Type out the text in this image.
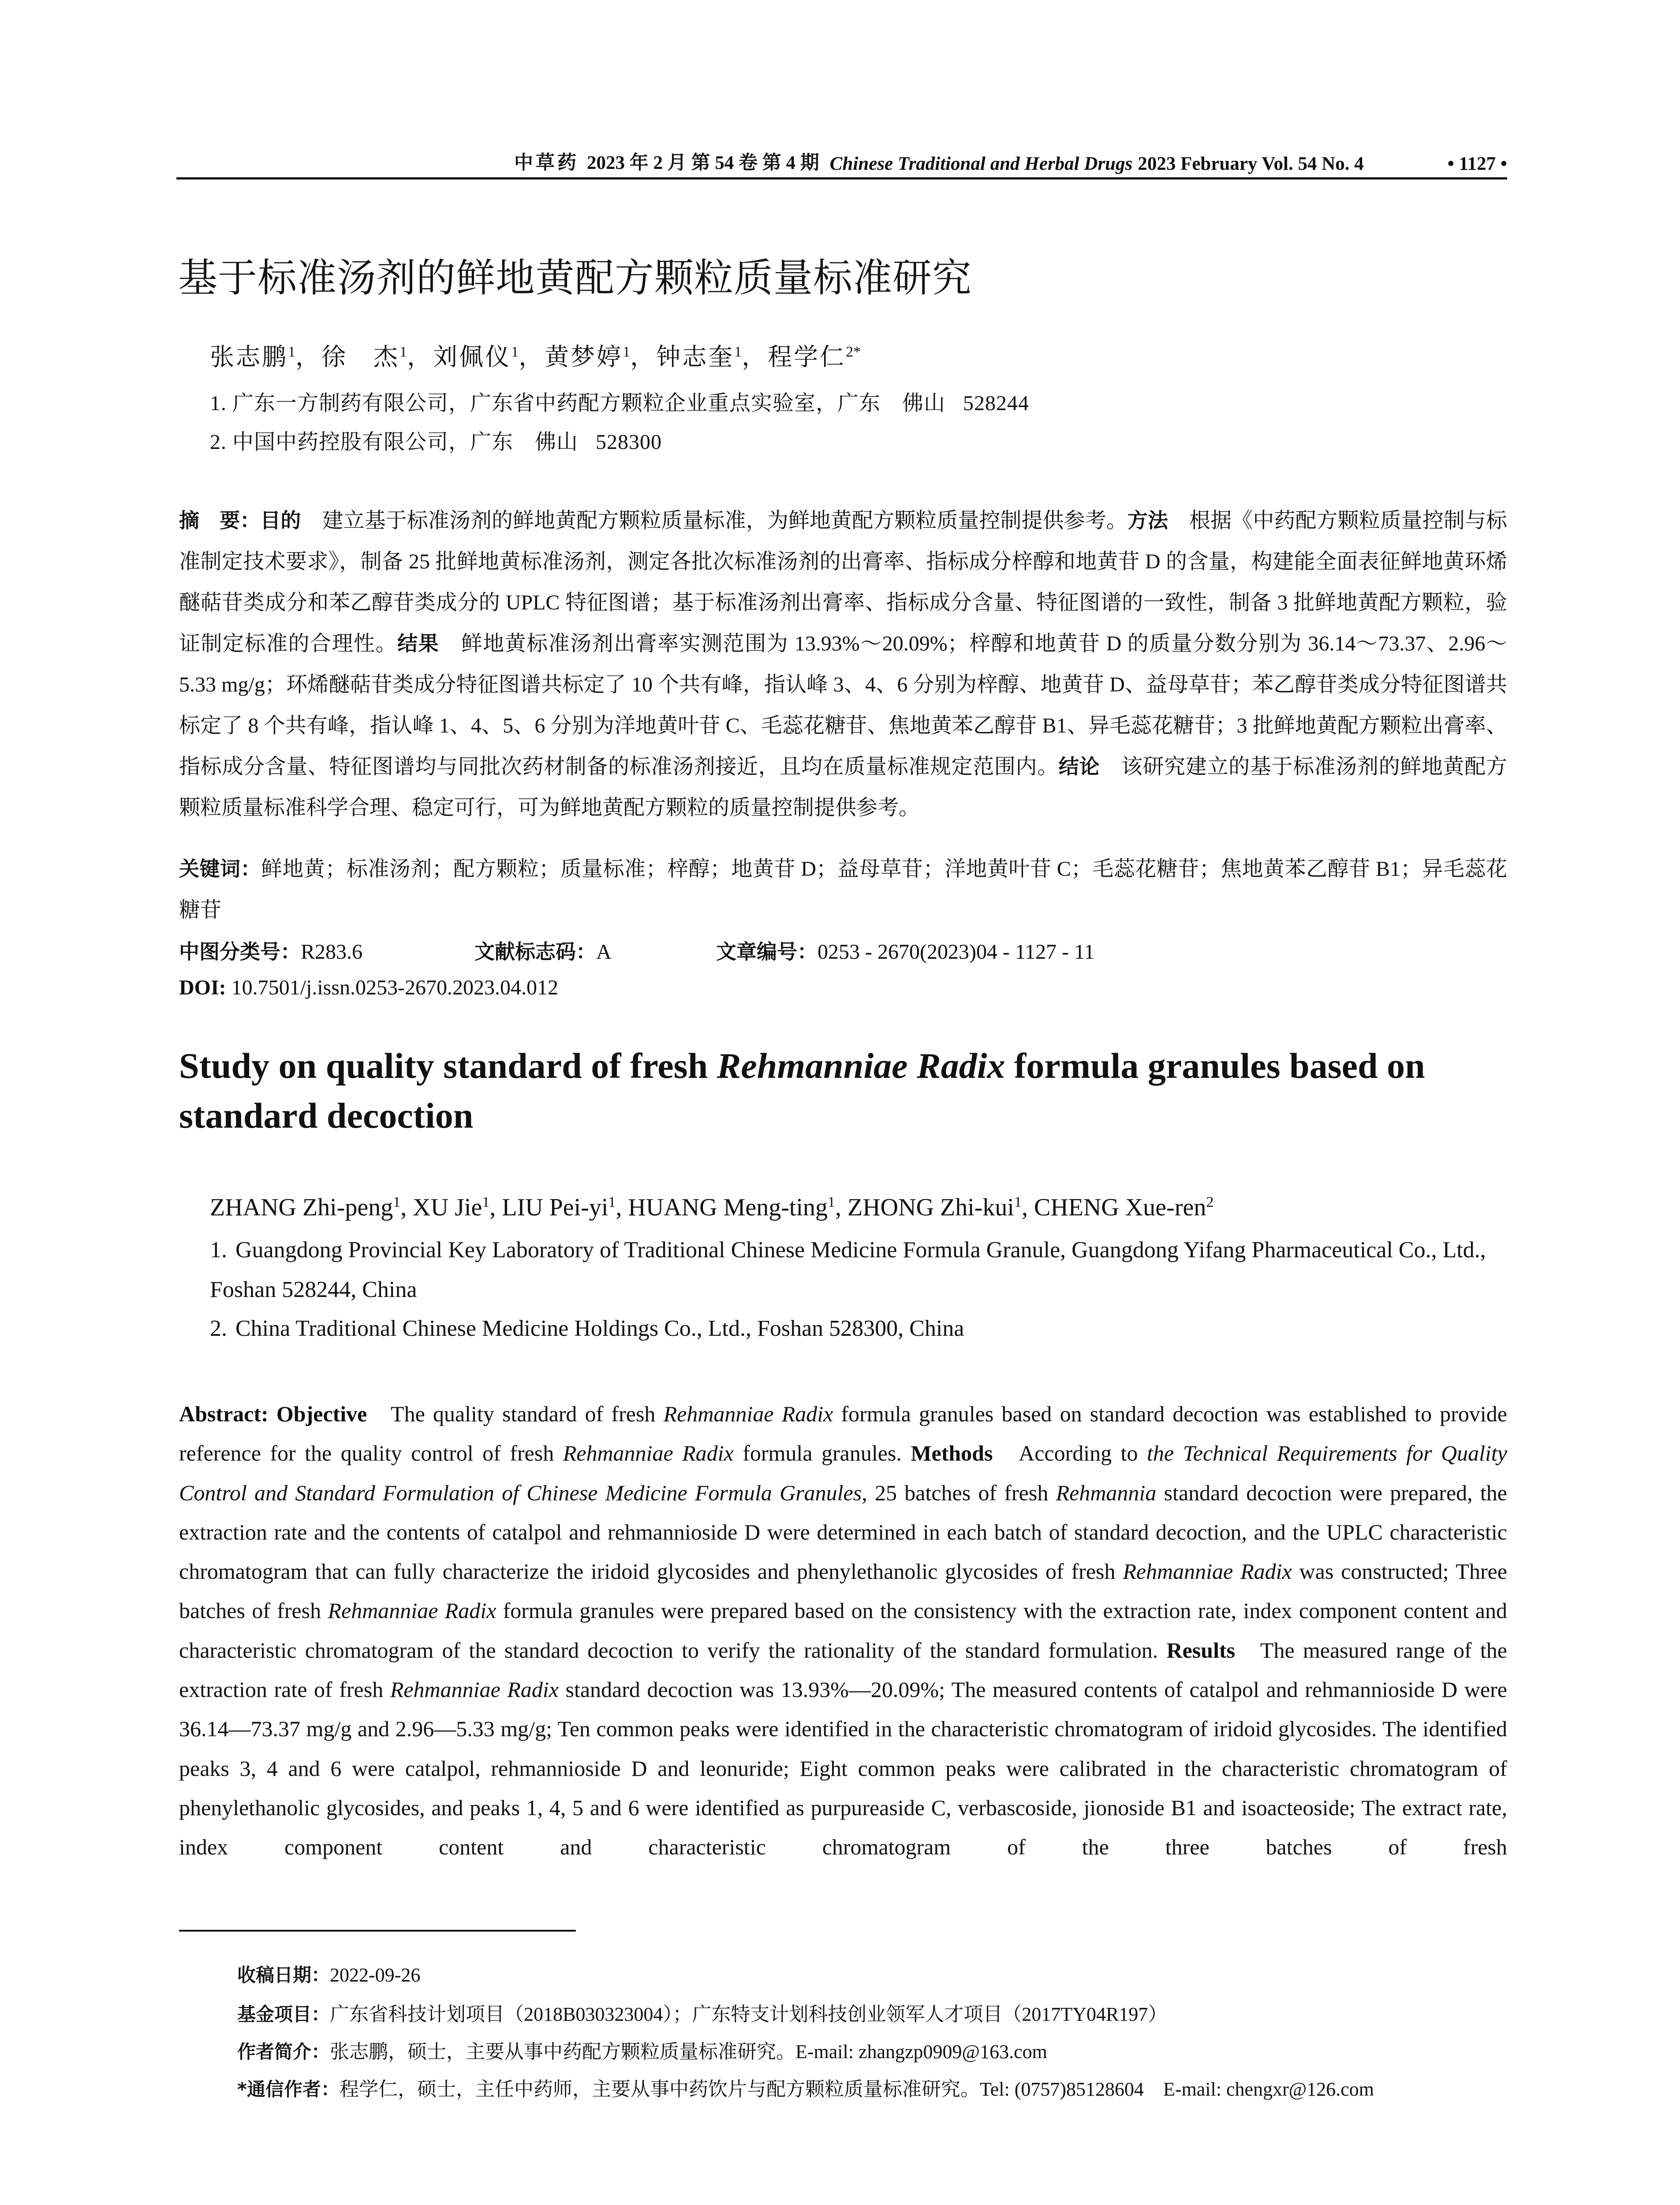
中草药 2023 年 2 月 第 54 卷 第 4 期 Chinese Traditional and Herbal Drugs 2023 February Vol. 54 No. 4	• 1127 •
基于标准汤剂的鲜地黄配方颗粒质量标准研究
张志鹏$^1$，徐　杰$^1$，刘佩仪$^1$，黄梦婷$^1$，钟志奎$^1$，程学仁$^{2*}$
1. 广东一方制药有限公司，广东省中药配方颗粒企业重点实验室，广东　佛山 528244
2. 中国中药控股有限公司，广东　佛山 528300
摘　要：目的　 建立基于标准汤剂的鲜地黄配方颗粒质量标准，为鲜地黄配方颗粒质量控制提供参考。方法　 根据《中药配方颗粒质量控制与标准制定技术要求》，制备 25 批鲜地黄标准汤剂，测定各批次标准汤剂的出膏率、指标成分梓醇和地黄苷 D 的含量，构建能全面表征鲜地黄环烯醚萜苷类成分和苯乙醇苷类成分的 UPLC 特征图谱；基于标准汤剂出膏率、指标成分含量、特征图谱的一致性，制备 3 批鲜地黄配方颗粒，验证制定标准的合理性。结果　 鲜地黄标准汤剂出膏率实测范围为 13.93%～20.09%；梓醇和地黄苷 D 的质量分数分别为 36.14～73.37、2.96～5.33 mg/g；环烯醚萜苷类成分特征图谱共标定了 10 个共有峰，指认峰 3、4、6 分别为梓醇、地黄苷 D、益母草苷；苯乙醇苷类成分特征图谱共标定了 8 个共有峰，指认峰 1、4、5、6 分别为洋地黄叶苷 C、毛蕊花糖苷、焦地黄苯乙醇苷 B1、异毛蕊花糖苷；3 批鲜地黄配方颗粒出膏率、指标成分含量、特征图谱均与同批次药材制备的标准汤剂接近，且均在质量标准规定范围内。结论　 该研究建立的基于标准汤剂的鲜地黄配方颗粒质量标准科学合理、稳定可行，可为鲜地黄配方颗粒的质量控制提供参考。
关键词：鲜地黄；标准汤剂；配方颗粒；质量标准；梓醇；地黄苷 D；益母草苷；洋地黄叶苷 C；毛蕊花糖苷；焦地黄苯乙醇苷 B1；异毛蕊花糖苷
中图分类号：R283.6	文献标志码：A	文章编号：0253 - 2670(2023)04 - 1127 - 11
DOI: 10.7501/j.issn.0253-2670.2023.04.012
Study on quality standard of fresh Rehmanniae Radix formula granules based on standard decoction
ZHANG Zhi-peng$^1$, XU Jie$^1$, LIU Pei-$yi^1$, HUANG Meng-ting$^1$, ZHONG Zhi-kui$^1$, CHENG Xue-ren$^2$
1. Guangdong Provincial Key Laboratory of Traditional Chinese Medicine Formula Granule, Guangdong Yifang Pharmaceutical Co., Ltd., Foshan 528244, China
2. China Traditional Chinese Medicine Holdings Co., Ltd., Foshan 528300, China
Abstract: Objective The quality standard of fresh Rehmanniae Radix formula granules based on standard decoction was established to provide reference for the quality control of fresh Rehmanniae Radix formula granules. Methods According to the Technical Requirements for Quality Control and Standard Formulation of Chinese Medicine Formula Granules, 25 batches of fresh Rehmannia standard decoction were prepared, the extraction rate and the contents of catalpol and rehmannioside D were determined in each batch of standard decoction, and the UPLC characteristic chromatogram that can fully characterize the iridoid glycosides and phenylethanolic glycosides of fresh Rehmanniae Radix was constructed; Three batches of fresh Rehmanniae Radix formula granules were prepared based on the consistency with the extraction rate, index component content and characteristic chromatogram of the standard decoction to verify the rationality of the standard formulation. Results The measured range of the extraction rate of fresh Rehmanniae Radix standard decoction was 13.93%—20.09%; The measured contents of catalpol and rehmannioside D were 36.14—73.37 mg/g and 2.96—5.33 mg/g; Ten common peaks were identified in the characteristic chromatogram of iridoid glycosides. The identified peaks 3, 4 and 6 were catalpol, rehmannioside D and leonuride; Eight common peaks were calibrated in the characteristic chromatogram of phenylethanolic glycosides, and peaks 1, 4, 5 and 6 were identified as purpureaside C, verbascoside, jionoside B1 and isoacteoside; The extract rate, index component content and characteristic chromatogram of the three batches of fresh
收稿日期：2022-09-26
基金项目：广东省科技计划项目（2018B030323004）；广东特支计划科技创业领军人才项目（2017TY04R197）
作者简介：张志鹏，硕士，主要从事中药配方颗粒质量标准研究。E-mail: zhangzp0909@163.com
*通信作者：程学仁，硕士，主任中药师，主要从事中药饮片与配方颗粒质量标准研究。Tel: (0757)85128604　E-mail: chengxr@126.com
